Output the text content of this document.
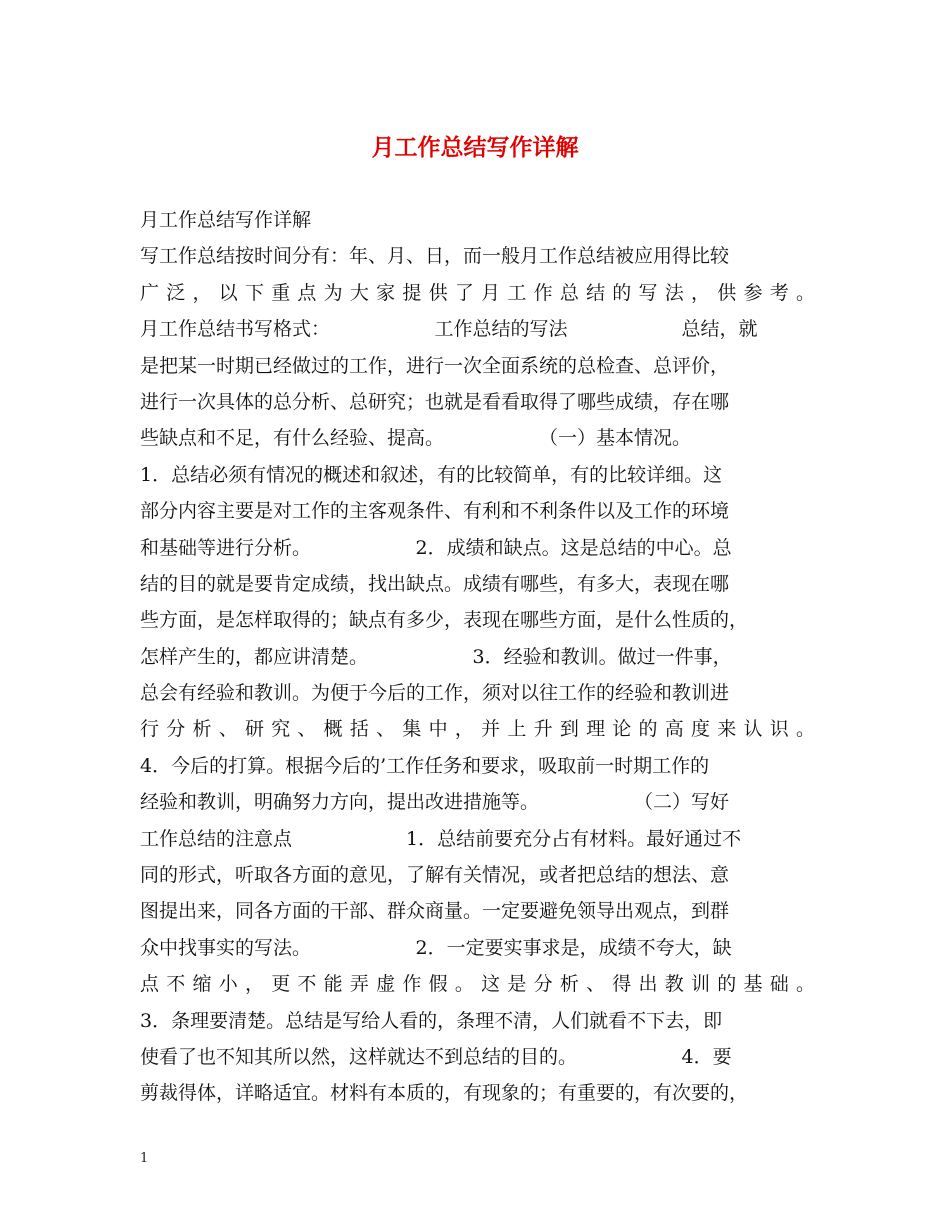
月工作总结写作详解
月工作总结写作详解
写工作总结按时间分有：年、月、日，而一般月工作总结被应用得比较
广泛，以下重点为大家提供了月工作总结的写法，供参考。
月工作总结书写格式：　　　　　　工作总结的写法　　　　　　总结，就
是把某一时期已经做过的工作，进行一次全面系统的总检查、总评价，
进行一次具体的总分析、总研究；也就是看看取得了哪些成绩，存在哪
些缺点和不足，有什么经验、提高。　　　　　　（一）基本情况。
1．总结必须有情况的概述和叙述，有的比较简单，有的比较详细。这
部分内容主要是对工作的主客观条件、有利和不利条件以及工作的环境
和基础等进行分析。　　　　　　2．成绩和缺点。这是总结的中心。总
结的目的就是要肯定成绩，找出缺点。成绩有哪些，有多大，表现在哪
些方面，是怎样取得的；缺点有多少，表现在哪些方面，是什么性质的，
怎样产生的，都应讲清楚。　　　　　　3．经验和教训。做过一件事，
总会有经验和教训。为便于今后的工作，须对以往工作的经验和教训进
行分析、研究、概括、集中，并上升到理论的高度来认识。
4．今后的打算。根据今后的’工作任务和要求，吸取前一时期工作的
经验和教训，明确努力方向，提出改进措施等。　　　　　　（二）写好
工作总结的注意点　　　　　　1．总结前要充分占有材料。最好通过不
同的形式，听取各方面的意见，了解有关情况，或者把总结的想法、意
图提出来，同各方面的干部、群众商量。一定要避免领导出观点，到群
众中找事实的写法。　　　　　　2．一定要实事求是，成绩不夸大，缺
点不缩小，更不能弄虚作假。这是分析、得出教训的基础。
3．条理要清楚。总结是写给人看的，条理不清，人们就看不下去，即
使看了也不知其所以然，这样就达不到总结的目的。　　　　　　4．要
剪裁得体，详略适宜。材料有本质的，有现象的；有重要的，有次要的，
1
